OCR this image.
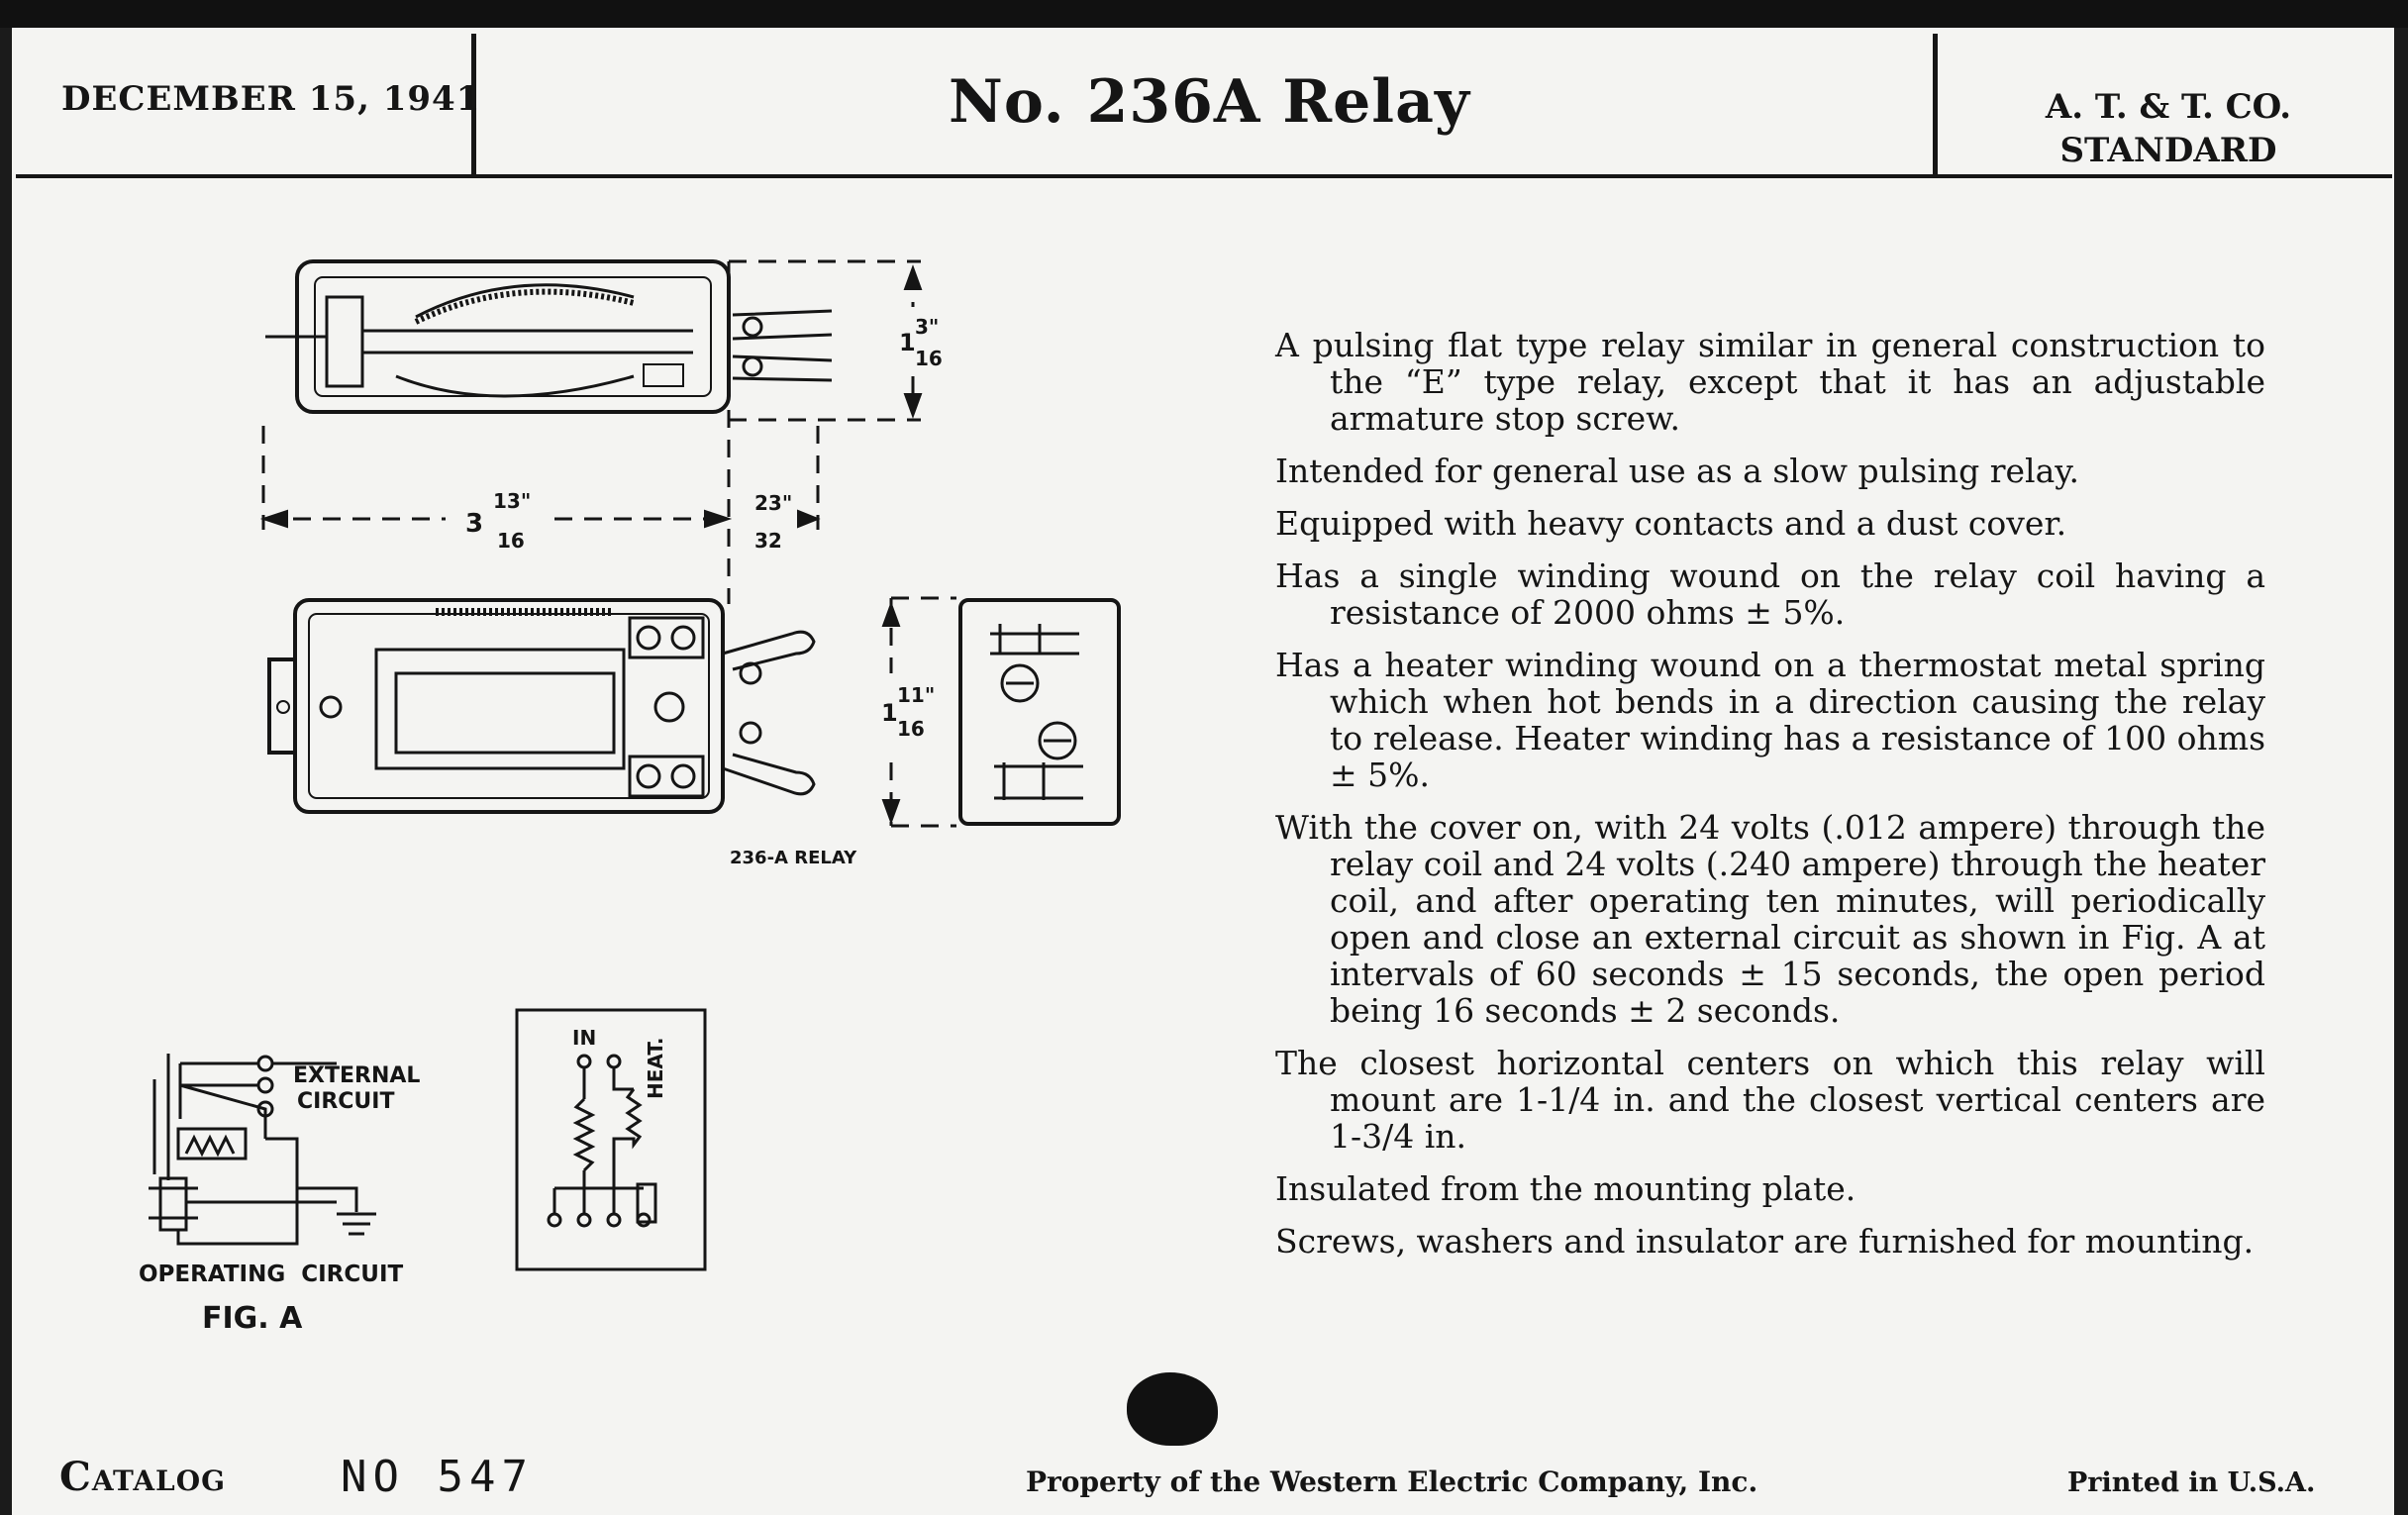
DECEMBER 15, 1941	No. 236A Relay	A. T. & T. CO.
STANDARD
236-A RELAY
1
3"
16
3
13"
16
23"
32
1
11"
16
EXTERNAL
CIRCUIT
OPERATING  CIRCUIT
FIG. A
IN HEAT.

A pulsing flat type relay similar in general construction to the “E” type relay, except that it has an adjustable armature stop screw.

Intended for general use as a slow pulsing relay.

Equipped with heavy contacts and a dust cover.

Has a single winding wound on the relay coil having a resistance of 2000 ohms ± 5%.

Has a heater winding wound on a thermostat metal spring which when hot bends in a direction causing the relay to release. Heater winding has a resistance of 100 ohms ± 5%.

With the cover on, with 24 volts (.012 ampere) through the relay coil and 24 volts (.240 ampere) through the heater coil, and after operating ten minutes, will periodically open and close an external circuit as shown in Fig. A at intervals of 60 seconds ± 15 seconds, the open period being 16 seconds ± 2 seconds.

The closest horizontal centers on which this relay will mount are 1-1/4 in. and the closest vertical centers are 1-3/4 in.

Insulated from the mounting plate.

Screws, washers and insulator are furnished for mounting.

Catalog	NO 547	Property of the Western Electric Company, Inc.	Printed in U.S.A.
